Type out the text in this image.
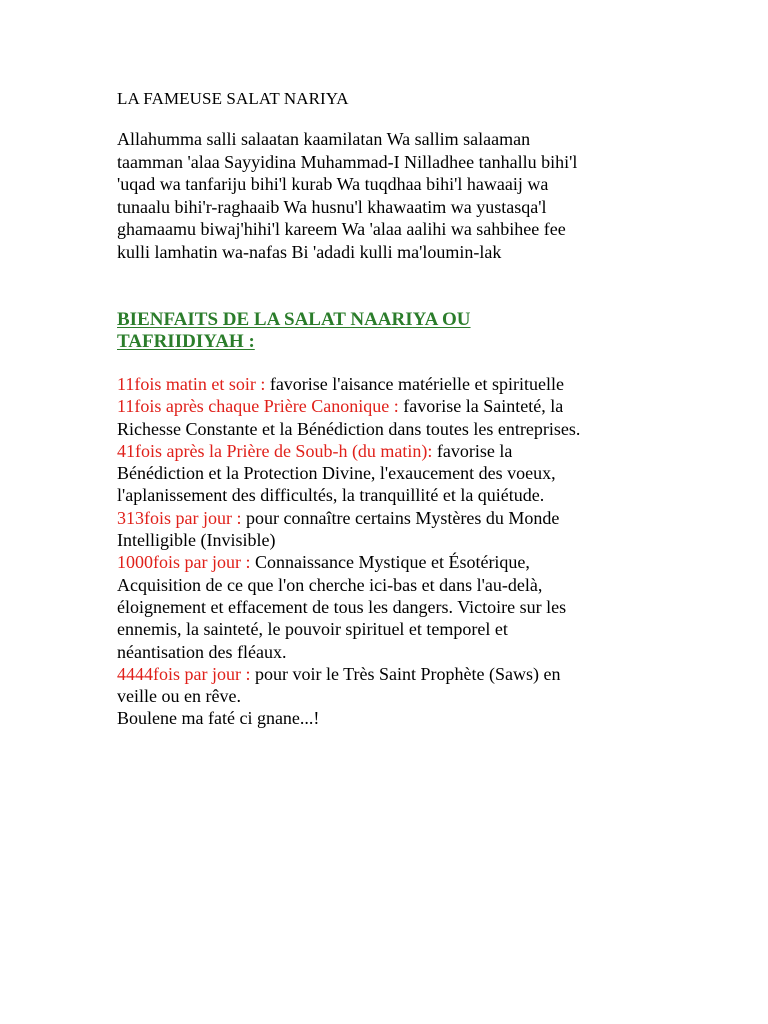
LA FAMEUSE SALAT NARIYA

Allahumma salli salaatan kaamilatan Wa sallim salaaman
taamman 'alaa Sayyidina Muhammad-I Nilladhee tanhallu bihi'l
'uqad wa tanfariju bihi'l kurab Wa tuqdhaa bihi'l hawaaij wa
tunaalu bihi'r-raghaaib Wa husnu'l khawaatim wa yustasqa'l
ghamaamu biwaj'hihi'l kareem Wa 'alaa aalihi wa sahbihee fee
kulli lamhatin wa-nafas Bi 'adadi kulli ma'loumin-lak

BIENFAITS DE LA SALAT NAARIYA OU
TAFRIIDIYAH :
11fois matin et soir : favorise l'aisance matérielle et spirituelle
11fois après chaque Prière Canonique : favorise la Sainteté, la
Richesse Constante et la Bénédiction dans toutes les entreprises.
41fois après la Prière de Soub-h (du matin): favorise la
Bénédiction et la Protection Divine, l'exaucement des voeux,
l'aplanissement des difficultés, la tranquillité et la quiétude.
313fois par jour : pour connaître certains Mystères du Monde
Intelligible (Invisible)
1000fois par jour : Connaissance Mystique et Ésotérique,
Acquisition de ce que l'on cherche ici-bas et dans l'au-delà,
éloignement et effacement de tous les dangers. Victoire sur les
ennemis, la sainteté, le pouvoir spirituel et temporel et
néantisation des fléaux.
4444fois par jour : pour voir le Très Saint Prophète (Saws) en
veille ou en rêve.

Boulene ma faté ci gnane...!
